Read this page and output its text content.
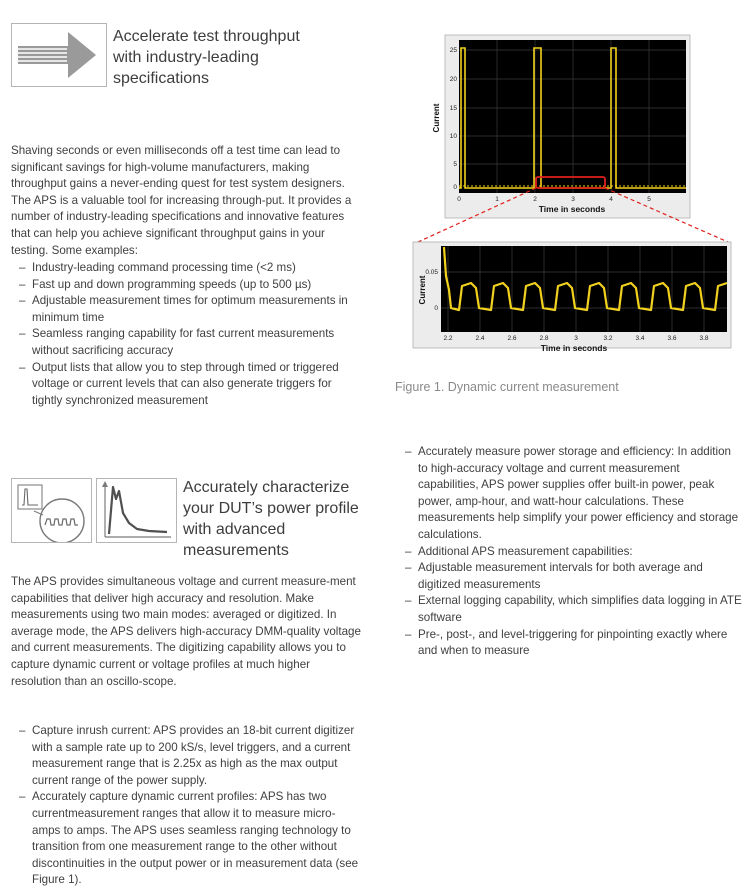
Accelerate test throughput with industry-leading specifications

Shaving seconds or even milliseconds off a test time can lead to significant savings for high-volume manufacturers, making throughput gains a never-ending quest for test system designers. The APS is a valuable tool for increasing through-put. It provides a number of industry-leading specifications and innovative features that can help you achieve significant throughput gains in your testing. Some examples:

– Industry-leading command processing time (<2 ms)
– Fast up and down programming speeds (up to 500 µs)
– Adjustable measurement times for optimum measurements in minimum time
– Seamless ranging capability for fast current measurements without sacrificing accuracy
– Output lists that allow you to step through timed or triggered voltage or current levels that can also generate triggers for tightly synchronized measurement
25
20
15
10
5
0
0	1	2	3	4	5
Time in seconds
Current
0.05
0
2.2	2.4	2.6	2.8	3	3.2	3.4	3.6	3.8
Time in seconds
Current
Figure 1. Dynamic current measurement
– Accurately measure power storage and efficiency: In addition to high-accuracy voltage and current measurement capabilities, APS power supplies offer built-in power, peak power, amp-hour, and watt-hour calculations. These measurements help simplify your power efficiency and storage calculations.
– Additional APS measurement capabilities:
– Adjustable measurement intervals for both average and digitized measurements
– External logging capability, which simplifies data logging in ATE software
– Pre-, post-, and level-triggering for pinpointing exactly where and when to measure
Accurately characterize your DUT’s power profile with advanced measurements

The APS provides simultaneous voltage and current measure-ment capabilities that deliver high accuracy and resolution. Make measurements using two main modes: averaged or digitized. In average mode, the APS delivers high-accuracy DMM-quality voltage and current measurements. The digitizing capability allows you to capture dynamic current or voltage profiles at much higher resolution than an oscillo-scope.

– Capture inrush current: APS provides an 18-bit current digitizer with a sample rate up to 200 kS/s, level triggers, and a current measurement range that is 2.25x as high as the max output current range of the power supply.
– Accurately capture dynamic current profiles: APS has two currentmeasurement ranges that allow it to measure micro-amps to amps. The APS uses seamless ranging technology to transition from one measurement range to the other without discontinuities in the output power or in measurement data (see Figure 1).
